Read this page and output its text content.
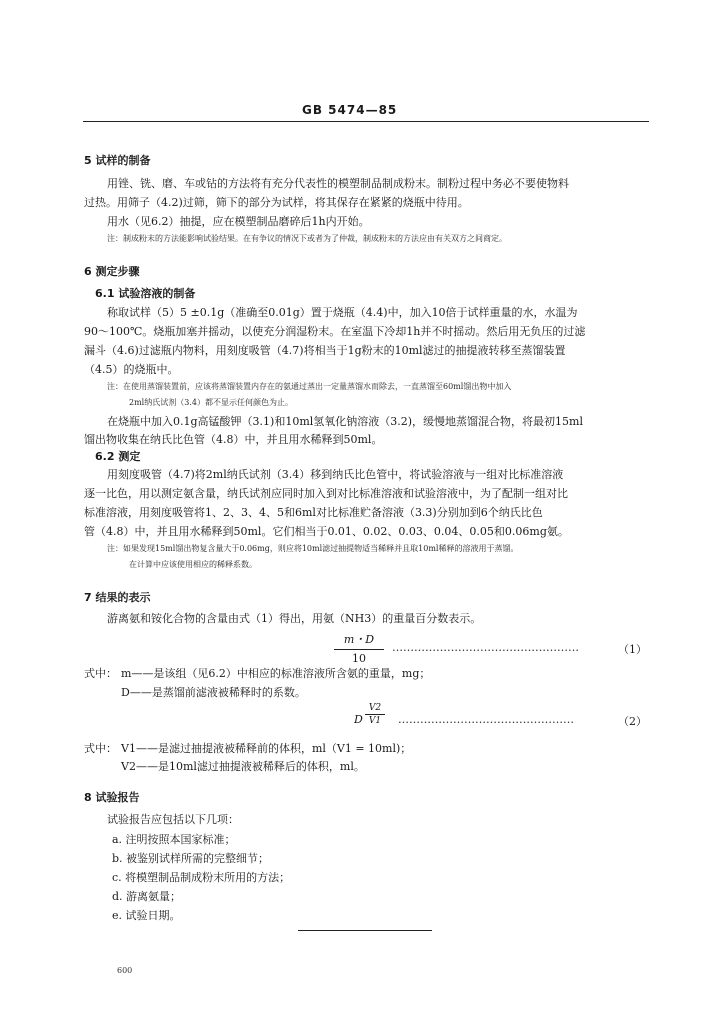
GB 5474—85
5 试样的制备
用锉、铣、磨、车或钻的方法将有充分代表性的模塑制品制成粉末。制粉过程中务必不要使物料
过热。用筛子（4.2)过筛，筛下的部分为试样，将其保存在紧紧的烧瓶中待用。
用水（见6.2）抽提，应在模塑制品磨碎后1h内开始。
注：制成粉末的方法能影响试验结果。在有争议的情况下或者为了仲裁，制成粉末的方法应由有关双方之间商定。
6 测定步骤
6.1 试验溶液的制备
称取试样（5）5 ±0.1g（准确至0.01g）置于烧瓶（4.4)中，加入10倍于试样重量的水，水温为
90～100℃。烧瓶加塞并摇动，以使充分润湿粉末。在室温下冷却1h并不时摇动。然后用无负压的过滤
漏斗（4.6)过滤瓶内物料，用刻度吸管（4.7)将相当于1g粉末的10ml滤过的抽提液转移至蒸馏装置
（4.5）的烧瓶中。
注：在使用蒸馏装置前，应该将蒸馏装置内存在的氨通过蒸出一定量蒸馏水而除去，一直蒸馏至60ml馏出物中加入
2ml纳氏试剂（3.4）都不显示任何颜色为止。
在烧瓶中加入0.1g高锰酸钾（3.1)和10ml氢氧化钠溶液（3.2)，缓慢地蒸馏混合物，将最初15ml
馏出物收集在纳氏比色管（4.8）中，并且用水稀释到50ml。
6.2 测定
用刻度吸管（4.7)将2ml纳氏试剂（3.4）移到纳氏比色管中，将试验溶液与一组对比标准溶液
逐一比色，用以测定氨含量，纳氏试剂应同时加入到对比标准溶液和试验溶液中，为了配制一组对比
标准溶液，用刻度吸管将1、2、3、4、5和6ml对比标准贮备溶液（3.3)分别加到6个纳氏比色
管（4.8）中，并且用水稀释到50ml。它们相当于0.01、0.02、0.03、0.04、0.05和0.06mg氨。
注：如果发现15ml馏出物复含量大于0.06mg，则应将10ml滤过抽提物适当稀释并且取10ml稀释的溶液用于蒸馏。
在计算中应该使用相应的稀释系数。
7 结果的表示
游离氨和铵化合物的含量由式（1）得出，用氨（NH3）的重量百分数表示。
m・D
10
……………………………………………	（1）
式中： m——是该组（见6.2）中相应的标准溶液所含氨的重量，mg；
D——是蒸馏前滤液被稀释时的系数。
D
V2
V1	…………………………………………	（2）
式中： V1——是滤过抽提液被稀释前的体积，ml（V1 = 10ml)；
V2——是10ml滤过抽提液被稀释后的体积，ml。
8 试验报告
试验报告应包括以下几项：
a. 注明按照本国家标准；
b. 被鉴别试样所需的完整细节；
c. 将模塑制品制成粉末所用的方法；
d. 游离氨量；
e. 试验日期。
600
